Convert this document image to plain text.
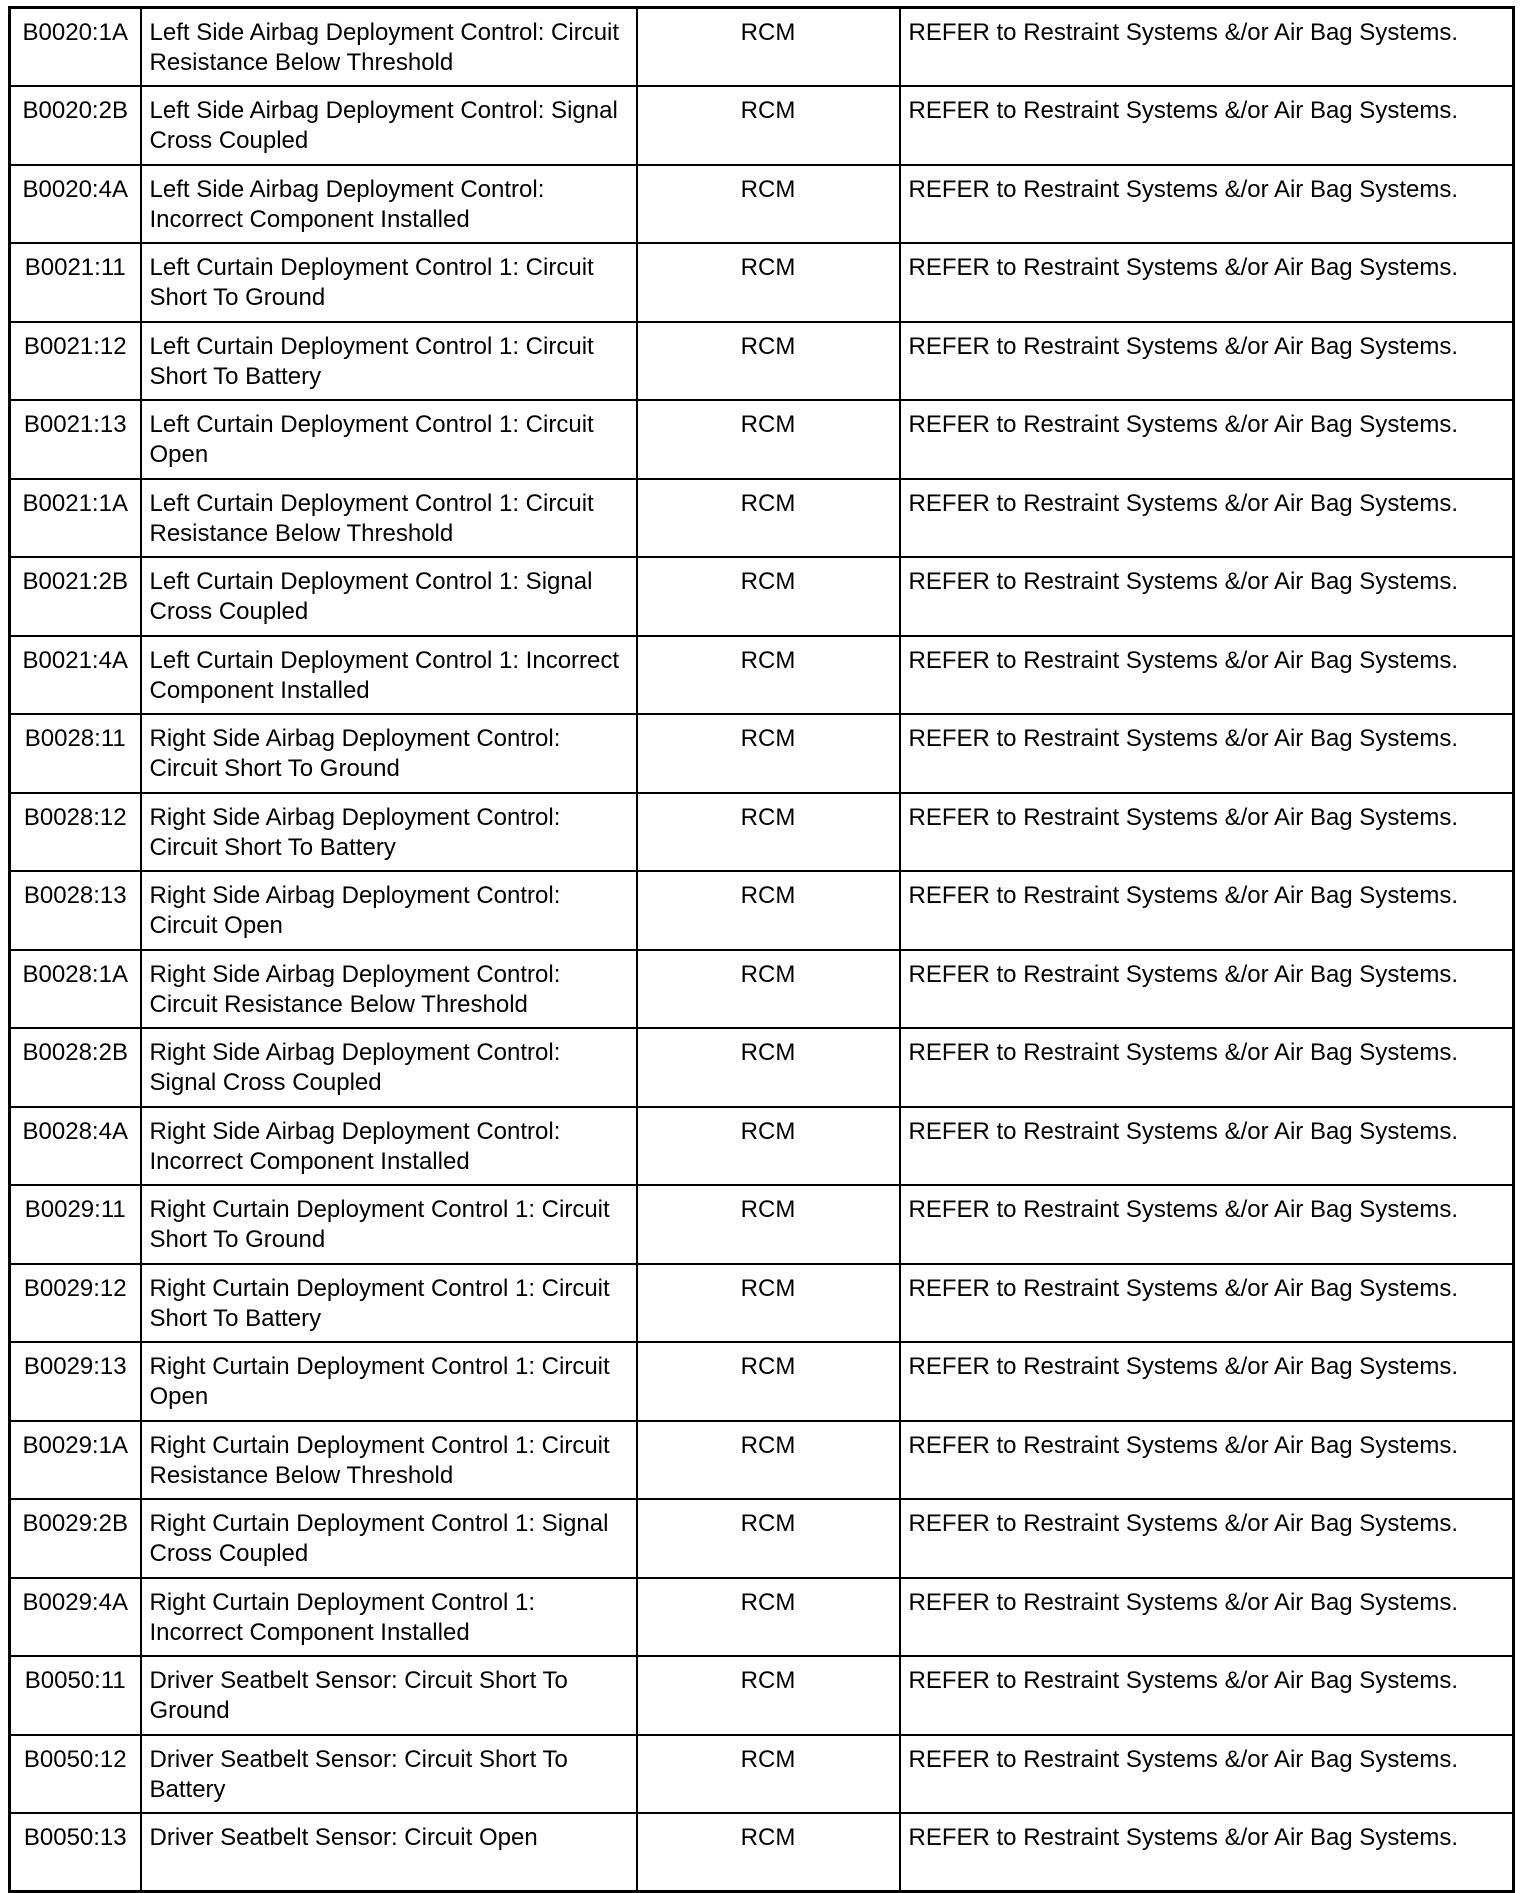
B0020:1A	Left Side Airbag Deployment Control: Circuit Resistance Below Threshold	RCM	REFER to Restraint Systems &/or Air Bag Systems.
B0020:2B	Left Side Airbag Deployment Control: Signal Cross Coupled	RCM	REFER to Restraint Systems &/or Air Bag Systems.
B0020:4A	Left Side Airbag Deployment Control: Incorrect Component Installed	RCM	REFER to Restraint Systems &/or Air Bag Systems.
B0021:11	Left Curtain Deployment Control 1: Circuit Short To Ground	RCM	REFER to Restraint Systems &/or Air Bag Systems.
B0021:12	Left Curtain Deployment Control 1: Circuit Short To Battery	RCM	REFER to Restraint Systems &/or Air Bag Systems.
B0021:13	Left Curtain Deployment Control 1: Circuit Open	RCM	REFER to Restraint Systems &/or Air Bag Systems.
B0021:1A	Left Curtain Deployment Control 1: Circuit Resistance Below Threshold	RCM	REFER to Restraint Systems &/or Air Bag Systems.
B0021:2B	Left Curtain Deployment Control 1: Signal Cross Coupled	RCM	REFER to Restraint Systems &/or Air Bag Systems.
B0021:4A	Left Curtain Deployment Control 1: Incorrect Component Installed	RCM	REFER to Restraint Systems &/or Air Bag Systems.
B0028:11	Right Side Airbag Deployment Control: Circuit Short To Ground	RCM	REFER to Restraint Systems &/or Air Bag Systems.
B0028:12	Right Side Airbag Deployment Control: Circuit Short To Battery	RCM	REFER to Restraint Systems &/or Air Bag Systems.
B0028:13	Right Side Airbag Deployment Control: Circuit Open	RCM	REFER to Restraint Systems &/or Air Bag Systems.
B0028:1A	Right Side Airbag Deployment Control: Circuit Resistance Below Threshold	RCM	REFER to Restraint Systems &/or Air Bag Systems.
B0028:2B	Right Side Airbag Deployment Control: Signal Cross Coupled	RCM	REFER to Restraint Systems &/or Air Bag Systems.
B0028:4A	Right Side Airbag Deployment Control: Incorrect Component Installed	RCM	REFER to Restraint Systems &/or Air Bag Systems.
B0029:11	Right Curtain Deployment Control 1: Circuit Short To Ground	RCM	REFER to Restraint Systems &/or Air Bag Systems.
B0029:12	Right Curtain Deployment Control 1: Circuit Short To Battery	RCM	REFER to Restraint Systems &/or Air Bag Systems.
B0029:13	Right Curtain Deployment Control 1: Circuit Open	RCM	REFER to Restraint Systems &/or Air Bag Systems.
B0029:1A	Right Curtain Deployment Control 1: Circuit Resistance Below Threshold	RCM	REFER to Restraint Systems &/or Air Bag Systems.
B0029:2B	Right Curtain Deployment Control 1: Signal Cross Coupled	RCM	REFER to Restraint Systems &/or Air Bag Systems.
B0029:4A	Right Curtain Deployment Control 1: Incorrect Component Installed	RCM	REFER to Restraint Systems &/or Air Bag Systems.
B0050:11	Driver Seatbelt Sensor: Circuit Short To Ground	RCM	REFER to Restraint Systems &/or Air Bag Systems.
B0050:12	Driver Seatbelt Sensor: Circuit Short To Battery	RCM	REFER to Restraint Systems &/or Air Bag Systems.
B0050:13	Driver Seatbelt Sensor: Circuit Open	RCM	REFER to Restraint Systems &/or Air Bag Systems.
